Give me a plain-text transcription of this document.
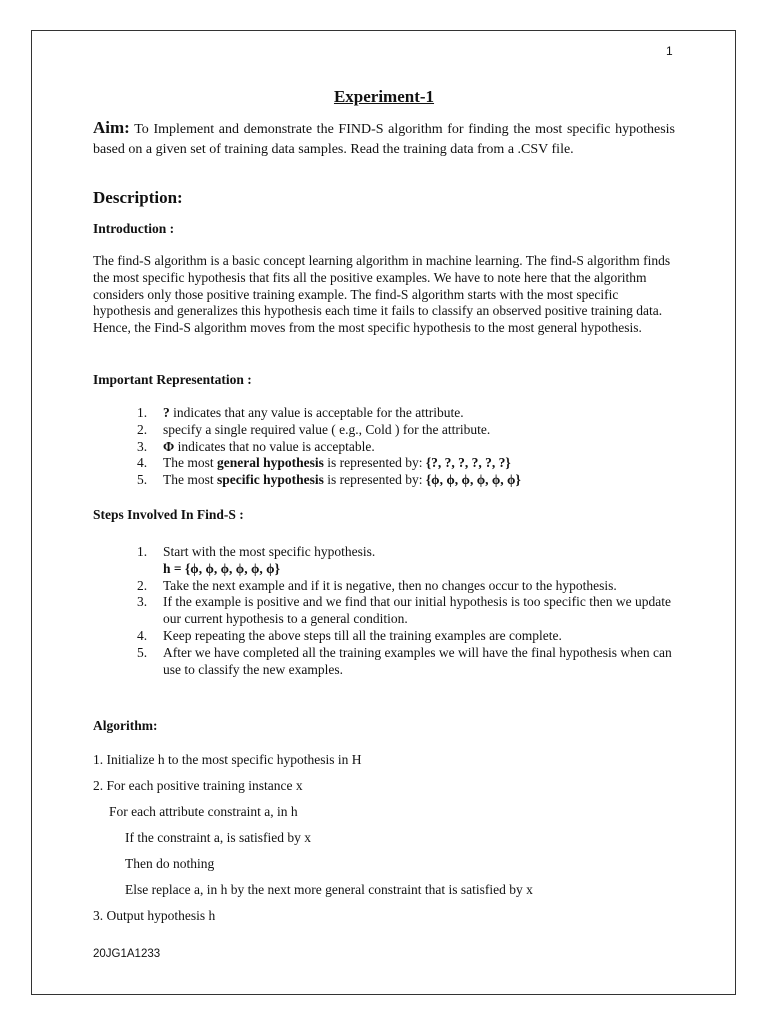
1
Experiment-1
Aim: To Implement and demonstrate the FIND-S algorithm for finding the most specific hypothesis based on a given set of training data samples. Read the training data from a .CSV file.
Description:
Introduction :
The find-S algorithm is a basic concept learning algorithm in machine learning. The find-S algorithm finds the most specific hypothesis that fits all the positive examples. We have to note here that the algorithm considers only those positive training example. The find-S algorithm starts with the most specific hypothesis and generalizes this hypothesis each time it fails to classify an observed positive training data. Hence, the Find-S algorithm moves from the most specific hypothesis to the most general hypothesis.
Important Representation :
1. ? indicates that any value is acceptable for the attribute.
2. specify a single required value ( e.g., Cold ) for the attribute.
3. Φ indicates that no value is acceptable.
4. The most general hypothesis is represented by: {?, ?, ?, ?, ?, ?}
5. The most specific hypothesis is represented by: {ϕ, ϕ, ϕ, ϕ, ϕ, ϕ}
Steps Involved In Find-S :
1. Start with the most specific hypothesis.
h = {ϕ, ϕ, ϕ, ϕ, ϕ, ϕ}
2. Take the next example and if it is negative, then no changes occur to the hypothesis.
3. If the example is positive and we find that our initial hypothesis is too specific then we update our current hypothesis to a general condition.
4. Keep repeating the above steps till all the training examples are complete.
5. After we have completed all the training examples we will have the final hypothesis when can use to classify the new examples.
Algorithm:
1. Initialize h to the most specific hypothesis in H
2. For each positive training instance x
For each attribute constraint a, in h
If the constraint a, is satisfied by x
Then do nothing
Else replace a, in h by the next more general constraint that is satisfied by x
3. Output hypothesis h
20JG1A1233
